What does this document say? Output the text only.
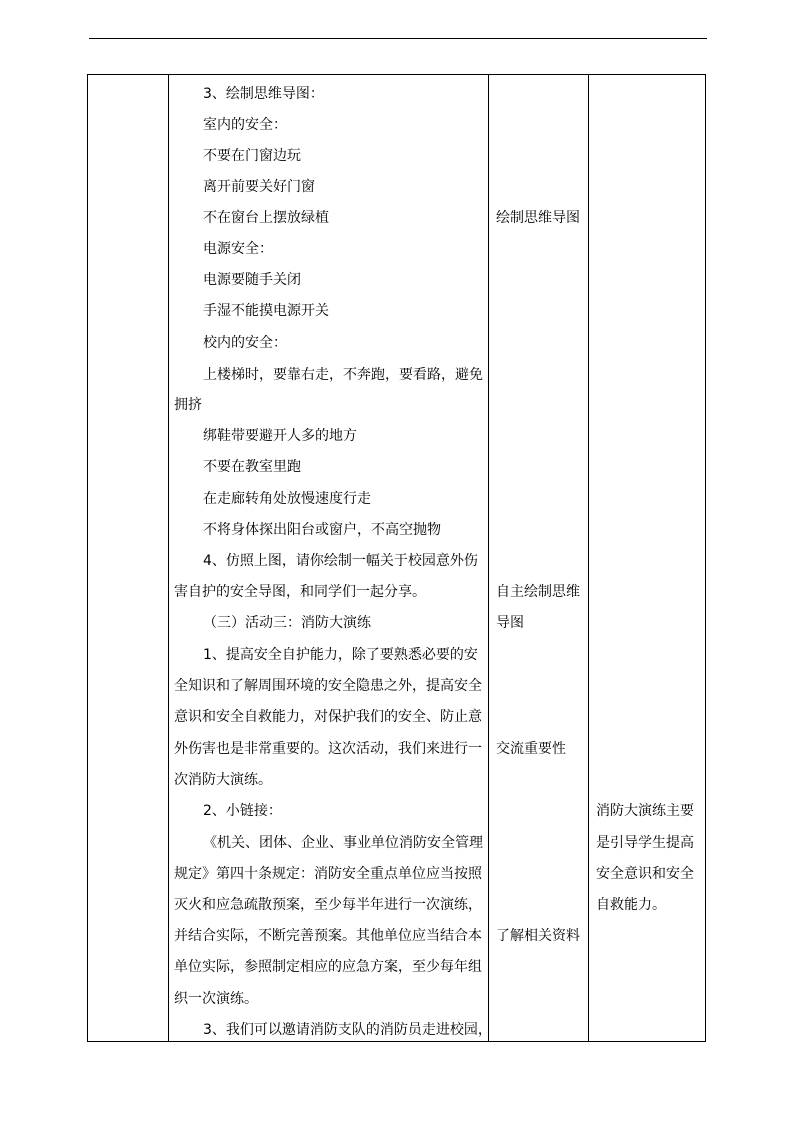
3、绘制思维导图：
室内的安全：
不要在门窗边玩
离开前要关好门窗
不在窗台上摆放绿植
电源安全：
电源要随手关闭
手湿不能摸电源开关
校内的安全：
上楼梯时，要靠右走，不奔跑，要看路，避免
拥挤
绑鞋带要避开人多的地方
不要在教室里跑
在走廊转角处放慢速度行走
不将身体探出阳台或窗户，不高空抛物
4、仿照上图，请你绘制一幅关于校园意外伤
害自护的安全导图，和同学们一起分享。
（三）活动三：消防大演练
1、提高安全自护能力，除了要熟悉必要的安
全知识和了解周围环境的安全隐患之外，提高安全
意识和安全自救能力，对保护我们的安全、防止意
外伤害也是非常重要的。这次活动，我们来进行一
次消防大演练。
2、小链接：
《机关、团体、企业、事业单位消防安全管理
规定》第四十条规定：消防安全重点单位应当按照
灭火和应急疏散预案，至少每半年进行一次演练，
并结合实际，不断完善预案。其他单位应当结合本
单位实际，参照制定相应的应急方案，至少每年组
织一次演练。
3、我们可以邀请消防支队的消防员走进校园，
绘制思维导图
自主绘制思维
导图
交流重要性
了解相关资料
消防大演练主要
是引导学生提高
安全意识和安全
自救能力。
